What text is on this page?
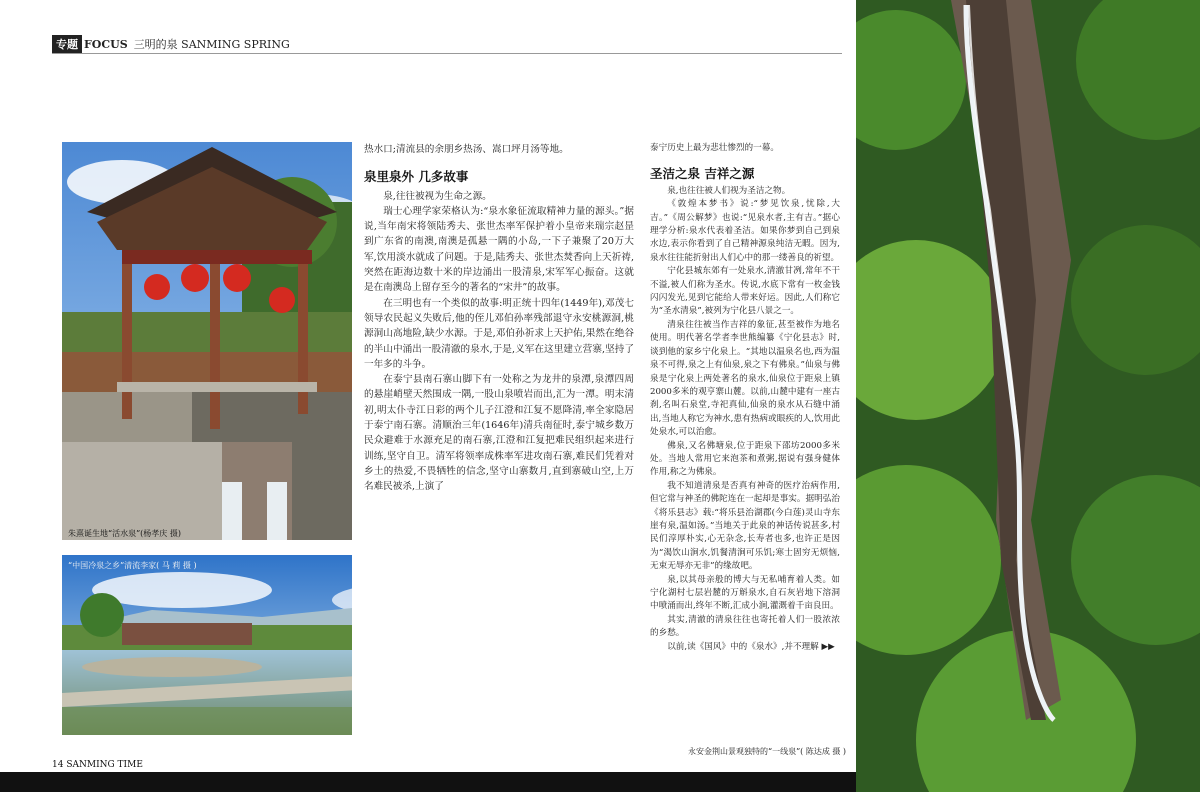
专题 FOCUS 三明的泉 SANMING SPRING
朱熹诞生地“活水泉”(杨孝庆 摄)
“中国冷泉之乡”清流李家( 马 莉 摄 )

热水口;清流县的余朋乡热汤、嵩口坪月汤等地。

泉里泉外 几多故事

泉,往往被视为生命之源。

瑞士心理学家荣格认为:“泉水象征流取精神力量的源头。”据说,当年南宋将领陆秀夫、张世杰率军保护着小皇帝来瑞宗赵昰到广东省的南澳,南澳是孤悬一隅的小岛,一下子兼聚了20万大军,饮用淡水就成了问题。于是,陆秀夫、张世杰焚香向上天祈祷,突然在距海边数十米的岸边涌出一股清泉,宋军军心振奋。这就是在南澳岛上留存至今的著名的“宋井”的故事。

在三明也有一个类似的故事:明正统十四年(1449年),邓茂七领导农民起义失败后,他的侄儿邓伯孙率残部退守永安桃源洞,桃源洞山高地险,缺少水源。于是,邓伯孙祈求上天护佑,果然在绝谷的半山中涌出一股清澈的泉水,于是,义军在这里建立营寨,坚持了一年多的斗争。

在泰宁县南石寨山脚下有一处称之为龙井的泉潭,泉潭四周的悬崖峭壁天然围成一隅,一股山泉喷岩而出,汇为一潭。明末清初,明太仆寺江日彩的两个儿子江澄和江复不愿降清,率全家隐居于泰宁南石寨。清顺治三年(1646年)清兵南征时,泰宁城乡数万民众避难于水源充足的南石寨,江澄和江复把难民组织起来进行训练,坚守自卫。清军将领率成株率军进攻南石寨,难民们凭着对乡土的热爱,不畏牺牲的信念,坚守山寨数月,直到寨破山空,上万名难民被杀,上演了

泰宁历史上最为悲壮惨烈的一幕。

圣洁之泉 吉祥之源

泉,也往往被人们视为圣洁之物。

《敦煌本梦书》说:“梦见饮泉,忧除,大吉。”《周公解梦》也说:“见泉水者,主有吉。”据心理学分析:泉水代表着圣洁。如果你梦到自己到泉水边,表示你看到了自己精神源泉纯洁无暇。因为,泉水往往能折射出人们心中的那一缕善良的祈望。

宁化县城东郊有一处泉水,清澈甘冽,常年不干不溢,被人们称为圣水。传说,水底下常有一枚金钱闪闪发光,见到它能给人带来好运。因此,人们称它为“圣水清泉”,被列为宁化县八景之一。

清泉往往被当作吉祥的象征,甚至被作为地名使用。明代著名学者李世熊编纂《宁化县志》时,谈到他的家乡宁化泉上。“其地以温泉名也,西为温泉不可得,泉之上有仙泉,泉之下有佛泉。”仙泉与佛泉是宁化泉上两处著名的泉水,仙泉位于距泉上镇2000多米的观亨寨山麓。以前,山麓中建有一座古刹,名叫石泉堂,寺祀真仙,仙泉的泉水从石缝中涌出,当地人称它为神水,患有热病或眼疾的人,饮用此处泉水,可以治愈。

佛泉,又名佛塘泉,位于距泉下邵坊2000多米处。当地人常用它来泡茶和煮粥,据说有强身健体作用,称之为佛泉。

我不知道清泉是否真有神奇的医疗治病作用,但它常与神圣的佛陀连在一起却是事实。据明弘治《将乐县志》载:“将乐县治湖郡(今白莲)灵山寺东崖有泉,温如汤。”当地关于此泉的神话传说甚多,村民们淳厚朴实,心无杂念,长寿者也多,也许正是因为“渴饮山涧水,饥餐清涧可乐饥;寒士固穷无烦恼,无束无辱亦无非”的缘故吧。

泉,以其母亲般的博大与无私哺育着人类。如宁化湖村七层岩麓的万斛泉水,自石灰岩地下溶洞中喷涌而出,终年不断,汇成小涧,灌溉着千亩良田。

其实,清澈的清泉往往也寄托着人们一股浓浓的乡愁。

以前,读《国风》中的《泉水》,并不理解 ▶▶

14 SANMING TIME
永安金荆山景观独特的“一线泉”( 陈达成 摄 )
